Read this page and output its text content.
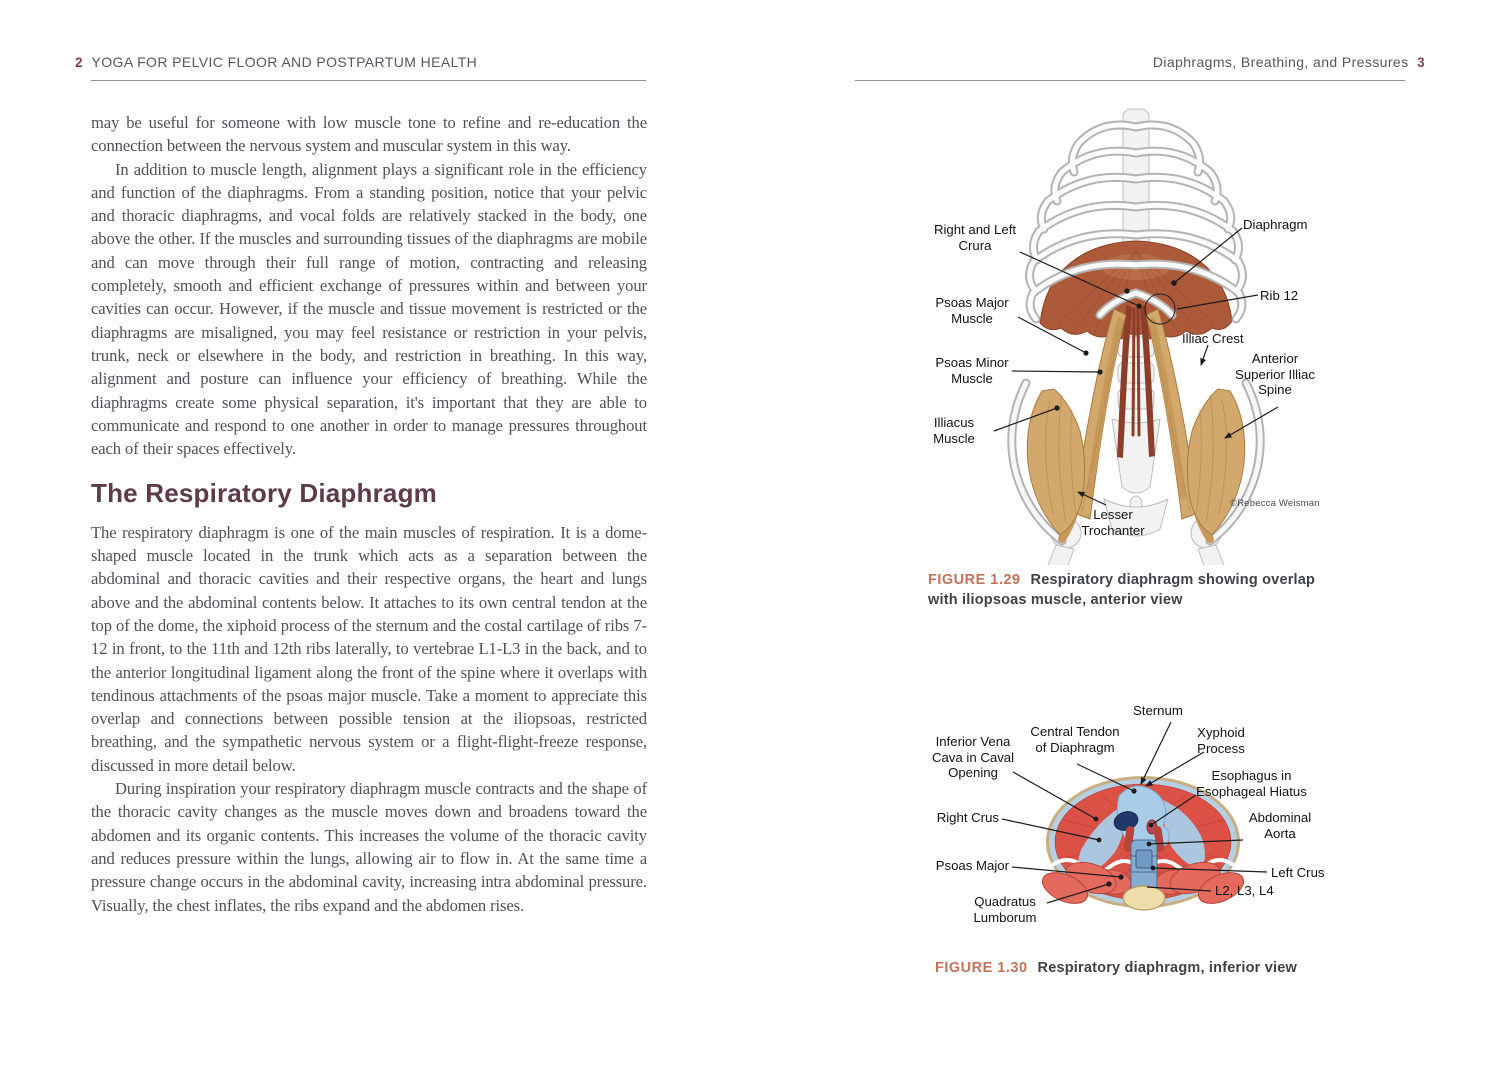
2 YOGA FOR PELVIC FLOOR AND POSTPARTUM HEALTH

may be useful for someone with low muscle tone to refine and re-education the connection between the nervous system and muscular system in this way.

In addition to muscle length, alignment plays a significant role in the efficiency and function of the diaphragms. From a standing position, notice that your pelvic and thoracic diaphragms, and vocal folds are relatively stacked in the body, one above the other. If the muscles and surrounding tissues of the diaphragms are mobile and can move through their full range of motion, contracting and releasing completely, smooth and efficient exchange of pressures within and between your cavities can occur. However, if the muscle and tissue movement is restricted or the diaphragms are misaligned, you may feel resistance or restriction in your pelvis, trunk, neck or elsewhere in the body, and restriction in breathing. In this way, alignment and posture can influence your efficiency of breathing. While the diaphragms create some physical separation, it's important that they are able to communicate and respond to one another in order to manage pressures throughout each of their spaces effectively.

The Respiratory Diaphragm

The respiratory diaphragm is one of the main muscles of respiration. It is a dome-shaped muscle located in the trunk which acts as a separation between the abdominal and thoracic cavities and their respective organs, the heart and lungs above and the abdominal contents below. It attaches to its own central tendon at the top of the dome, the xiphoid process of the sternum and the costal cartilage of ribs 7-12 in front, to the 11th and 12th ribs laterally, to vertebrae L1-L3 in the back, and to the anterior longitudinal ligament along the front of the spine where it overlaps with tendinous attachments of the psoas major muscle. Take a moment to appreciate this overlap and connections between possible tension at the iliopsoas, restricted breathing, and the sympathetic nervous system or a flight-flight-freeze response, discussed in more detail below.

During inspiration your respiratory diaphragm muscle contracts and the shape of the thoracic cavity changes as the muscle moves down and broadens toward the abdomen and its organic contents. This increases the volume of the thoracic cavity and reduces pressure within the lungs, allowing air to flow in. At the same time a pressure change occurs in the abdominal cavity, increasing intra abdominal pressure. Visually, the chest inflates, the ribs expand and the abdomen rises.

Diaphragms, Breathing, and Pressures 3
Right and Left Crura
Diaphragm
Rib 12
Psoas Major Muscle
Illiac Crest
Psoas Minor Muscle
Anterior Superior Illiac Spine
Illiacus Muscle
Lesser Trochanter
©Rebecca Weisman
FIGURE 1.29 Respiratory diaphragm showing overlap with iliopsoas muscle, anterior view
Sternum
Central Tendon of Diaphragm
Inferior Vena Cava in Caval Opening
Xyphoid Process
Esophagus in Esophageal Hiatus
Right Crus	Abdominal Aorta
Psoas Major	Left Crus
L2, L3, L4
Quadratus Lumborum
FIGURE 1.30 Respiratory diaphragm, inferior view
